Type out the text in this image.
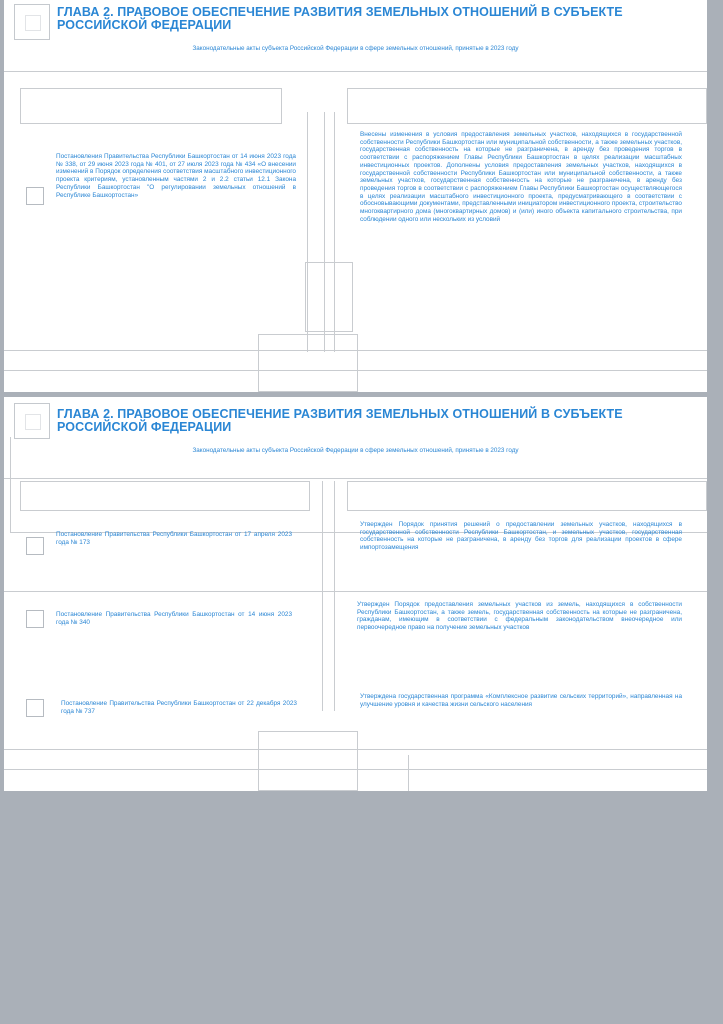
ГЛАВА 2. ПРАВОВОЕ ОБЕСПЕЧЕНИЕ РАЗВИТИЯ ЗЕМЕЛЬНЫХ ОТНОШЕНИЙ В СУБЪЕКТЕ РОССИЙСКОЙ ФЕДЕРАЦИИ
Законодательные акты субъекта Российской Федерации в сфере земельных отношений, принятые в 2023 году
Постановления Правительства Республики Башкортостан от 14 июня 2023 года № 338, от 29 июня 2023 года № 401, от 27 июля 2023 года № 434 «О внесении изменений в Порядок определения соответствия масштабного инвестиционного проекта критериям, установленным частями 2 и 2.2 статьи 12.1 Закона Республики Башкортостан "О регулировании земельных отношений в Республике Башкортостан»
Внесены изменения в условия предоставления земельных участков, находящихся в государственной собственности Республики Башкортостан или муниципальной собственности, а также земельных участков, государственная собственность на которые не разграничена, в аренду без проведения торгов в соответствии с распоряжением Главы Республики Башкортостан в целях реализации масштабных инвестиционных проектов. Дополнены условия предоставления земельных участков, находящихся в государственной собственности Республики Башкортостан или муниципальной собственности, а также земельных участков, государственная собственность на которые не разграничена, в аренду без проведения торгов в соответствии с распоряжением Главы Республики Башкортостан осуществляющегося в целях реализации масштабного инвестиционного проекта, предусматривающего в соответствии с обосновывающими документами, представленными инициатором инвестиционного проекта, строительство многоквартирного дома (многоквартирных домов) и (или) иного объекта капитального строительства, при соблюдении одного или нескольких из условий
ГЛАВА 2. ПРАВОВОЕ ОБЕСПЕЧЕНИЕ РАЗВИТИЯ ЗЕМЕЛЬНЫХ ОТНОШЕНИЙ В СУБЪЕКТЕ РОССИЙСКОЙ ФЕДЕРАЦИИ
Законодательные акты субъекта Российской Федерации в сфере земельных отношений, принятые в 2023 году
Постановление Правительства Республики Башкортостан от 17 апреля 2023 года № 173
Утвержден Порядок принятия решений о предоставлении земельных участков, находящихся в государственной собственности Республики Башкортостан, и земельных участков, государственная собственность на которые не разграничена, в аренду без торгов для реализации проектов в сфере импортозамещения
Постановление Правительства Республики Башкортостан от 14 июня 2023 года № 340
Утвержден Порядок предоставления земельных участков из земель, находящихся в собственности Республики Башкортостан, а также земель, государственная собственность на которые не разграничена, гражданам, имеющим в соответствии с федеральным законодательством внеочередное или первоочередное право на получение земельных участков
Постановление Правительства Республики Башкортостан от 22 декабря 2023 года № 737
Утверждена государственная программа «Комплексное развитие сельских территорий», направленная на улучшение уровня и качества жизни сельского населения
